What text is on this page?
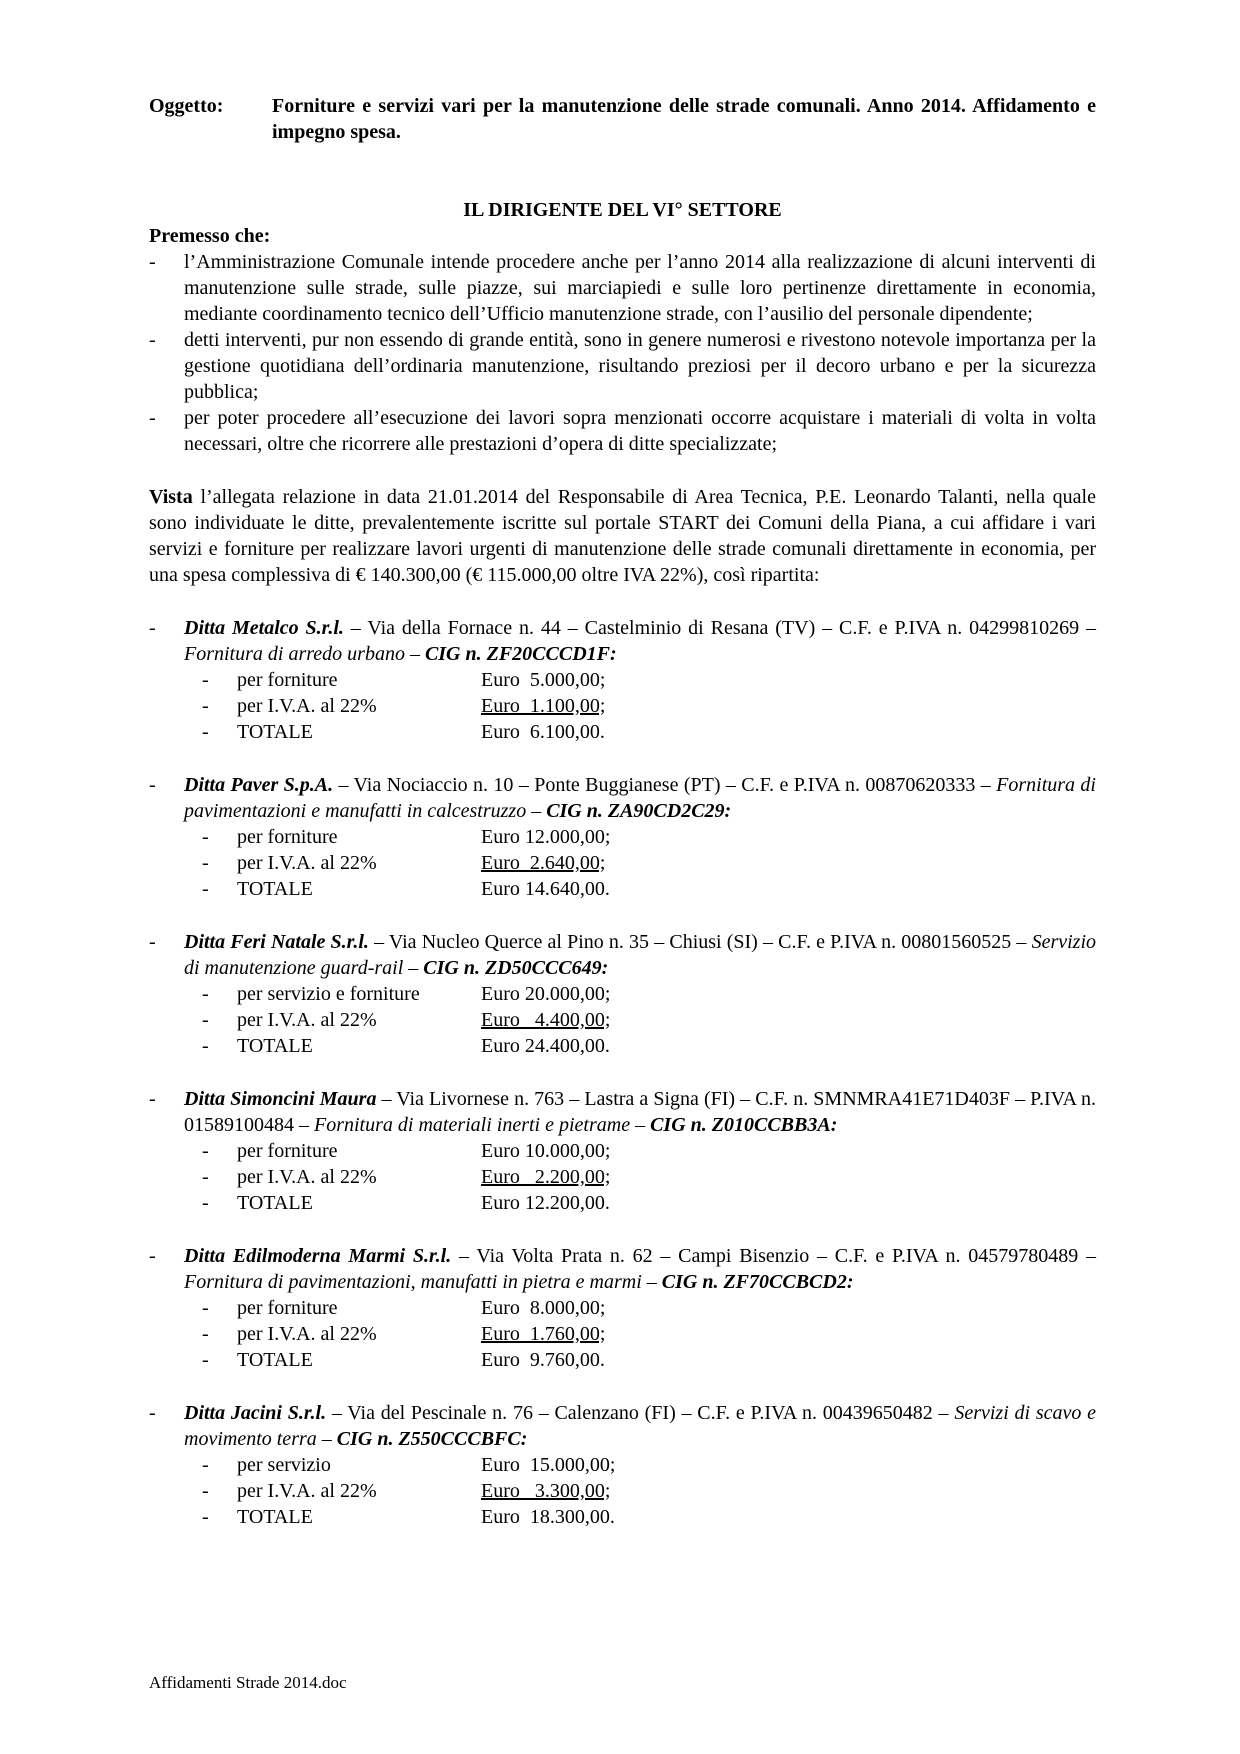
Oggetto:	Forniture e servizi vari per la manutenzione delle strade comunali. Anno 2014. Affidamento e impegno spesa.
IL DIRIGENTE DEL VI° SETTORE
Premesso che:
-	l’Amministrazione Comunale intende procedere anche per l’anno 2014 alla realizzazione di alcuni interventi di manutenzione sulle strade, sulle piazze, sui marciapiedi e sulle loro pertinenze direttamente in economia, mediante coordinamento tecnico dell’Ufficio manutenzione strade, con l’ausilio del personale dipendente;
-	detti interventi, pur non essendo di grande entità, sono in genere numerosi e rivestono notevole importanza per la gestione quotidiana dell’ordinaria manutenzione, risultando preziosi per il decoro urbano e per la sicurezza pubblica;
-	per poter procedere all’esecuzione dei lavori sopra menzionati occorre acquistare i materiali di volta in volta necessari, oltre che ricorrere alle prestazioni d’opera di ditte specializzate;
Vista l’allegata relazione in data 21.01.2014 del Responsabile di Area Tecnica, P.E. Leonardo Talanti, nella quale sono individuate le ditte, prevalentemente iscritte sul portale START dei Comuni della Piana, a cui affidare i vari servizi e forniture per realizzare lavori urgenti di manutenzione delle strade comunali direttamente in economia, per una spesa complessiva di € 140.300,00 (€ 115.000,00 oltre IVA 22%), così ripartita:
-	Ditta Metalco S.r.l. – Via della Fornace n. 44 – Castelminio di Resana (TV) – C.F. e P.IVA n. 04299810269 – Fornitura di arredo urbano – CIG n. ZF20CCCD1F:

-	per forniture	Euro  5.000,00;
-	per I.V.A. al 22%	Euro  1.100,00;
-	TOTALE	Euro  6.100,00.
-	Ditta Paver S.p.A. – Via Nociaccio n. 10 – Ponte Buggianese (PT) – C.F. e P.IVA n. 00870620333 – Fornitura di pavimentazioni e manufatti in calcestruzzo – CIG n. ZA90CD2C29:

-	per forniture	Euro 12.000,00;
-	per I.V.A. al 22%	Euro  2.640,00;
-	TOTALE	Euro 14.640,00.
-	Ditta Feri Natale S.r.l. – Via Nucleo Querce al Pino n. 35 – Chiusi (SI) – C.F. e P.IVA n. 00801560525 – Servizio di manutenzione guard-rail – CIG n. ZD50CCC649:

-	per servizio e forniture	Euro 20.000,00;
-	per I.V.A. al 22%	Euro   4.400,00;
-	TOTALE	Euro 24.400,00.
-	Ditta Simoncini Maura – Via Livornese n. 763 – Lastra a Signa (FI) – C.F. n. SMNMRA41E71D403F – P.IVA n. 01589100484 – Fornitura di materiali inerti e pietrame – CIG n. Z010CCBB3A:

-	per forniture	Euro 10.000,00;
-	per I.V.A. al 22%	Euro   2.200,00;
-	TOTALE	Euro 12.200,00.
-	Ditta Edilmoderna Marmi S.r.l. – Via Volta Prata n. 62 – Campi Bisenzio – C.F. e P.IVA n. 04579780489 – Fornitura di pavimentazioni, manufatti in pietra e marmi – CIG n. ZF70CCBCD2:

-	per forniture	Euro  8.000,00;
-	per I.V.A. al 22%	Euro  1.760,00;
-	TOTALE	Euro  9.760,00.
-	Ditta Jacini S.r.l. – Via del Pescinale n. 76 – Calenzano (FI) – C.F. e P.IVA n. 00439650482 – Servizi di scavo e movimento terra – CIG n. Z550CCCBFC:

-	per servizio	Euro  15.000,00;
-	per I.V.A. al 22%	Euro   3.300,00;
-	TOTALE	Euro  18.300,00.
Affidamenti Strade 2014.doc
